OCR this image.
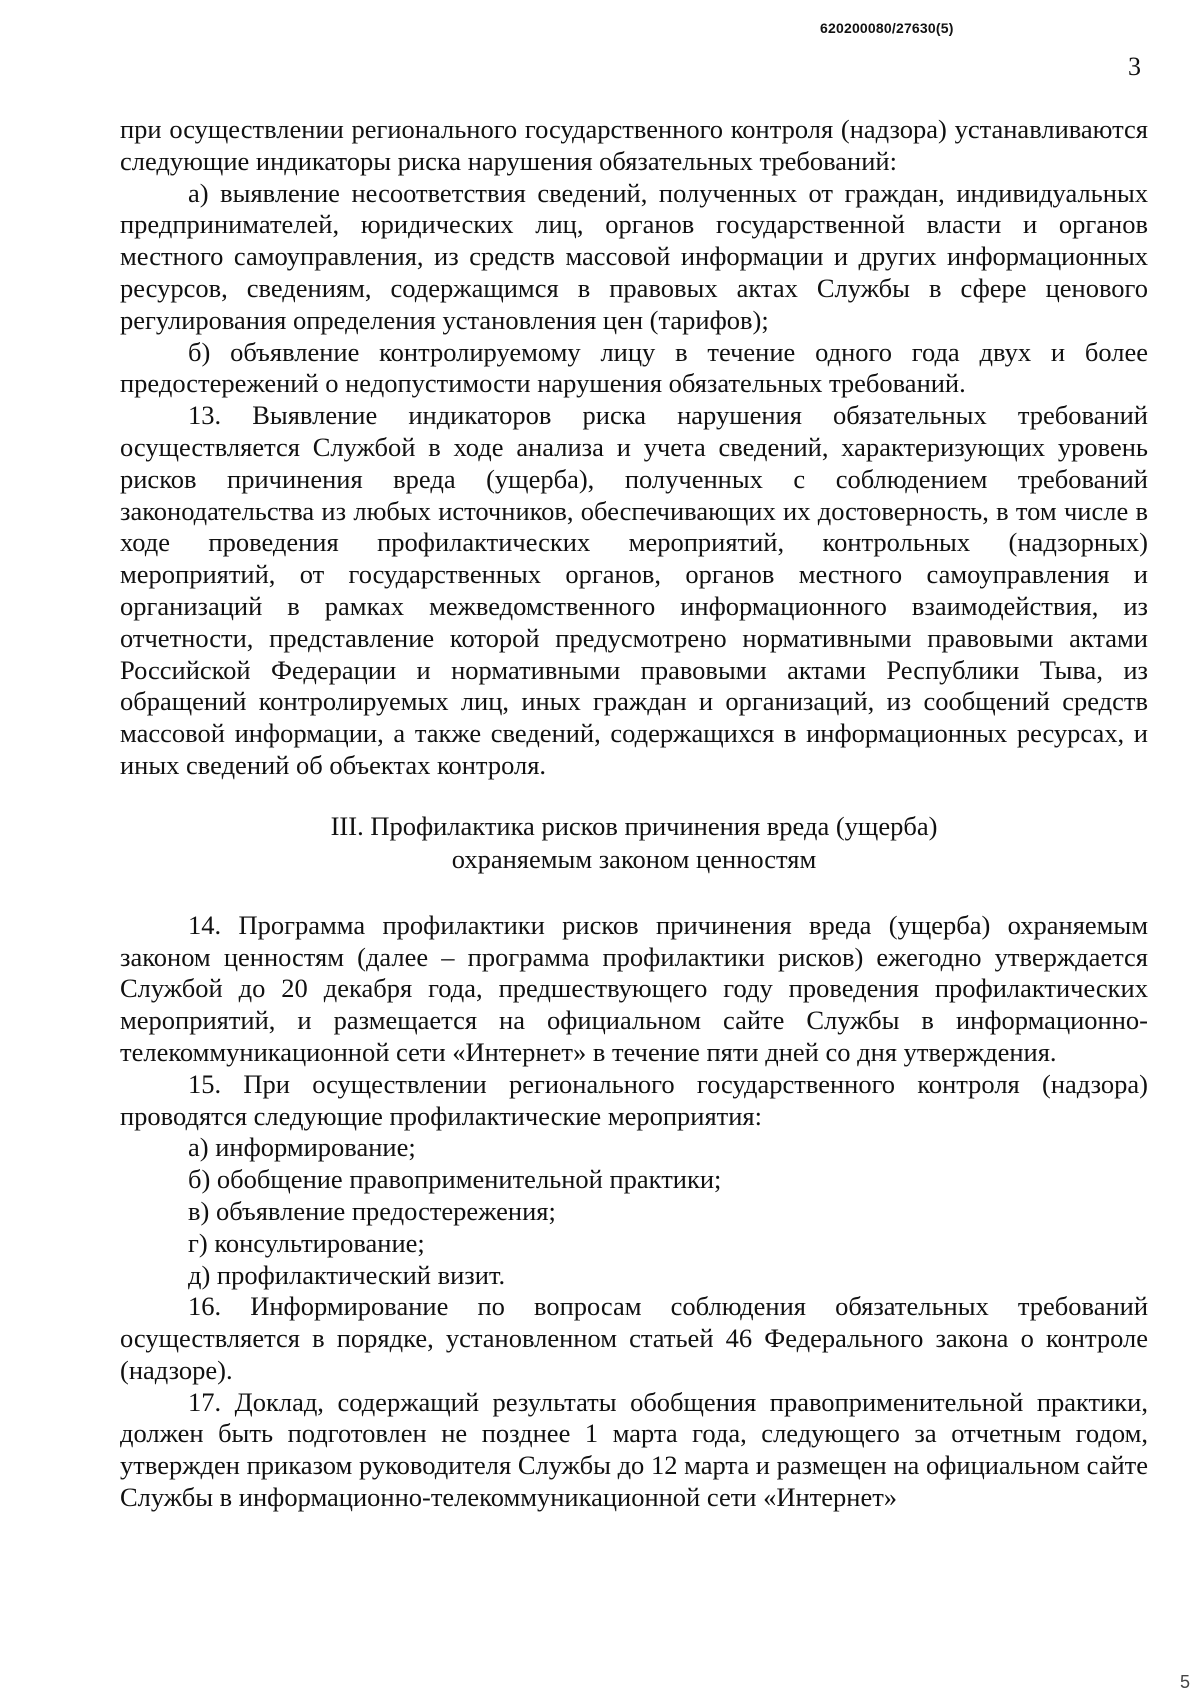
620200080/27630(5)
3

при осуществлении регионального государственного контроля (надзора) устанавливаются следующие индикаторы риска нарушения обязательных требований:

а) выявление несоответствия сведений, полученных от граждан, индивидуальных предпринимателей, юридических лиц, органов государственной власти и органов местного самоуправления, из средств массовой информации и других информационных ресурсов, сведениям, содержащимся в правовых актах Службы в сфере ценового регулирования определения установления цен (тарифов);

б) объявление контролируемому лицу в течение одного года двух и более предостережений о недопустимости нарушения обязательных требований.

13. Выявление индикаторов риска нарушения обязательных требований осуществляется Службой в ходе анализа и учета сведений, характеризующих уровень рисков причинения вреда (ущерба), полученных с соблюдением требований законодательства из любых источников, обеспечивающих их достоверность, в том числе в ходе проведения профилактических мероприятий, контрольных (надзорных) мероприятий, от государственных органов, органов местного самоуправления и организаций в рамках межведомственного информационного взаимодействия, из отчетности, представление которой предусмотрено нормативными правовыми актами Российской Федерации и нормативными правовыми актами Республики Тыва, из обращений контролируемых лиц, иных граждан и организаций, из сообщений средств массовой информации, а также сведений, содержащихся в информационных ресурсах, и иных сведений об объектах контроля.

III. Профилактика рисков причинения вреда (ущерба)
охраняемым законом ценностям

14. Программа профилактики рисков причинения вреда (ущерба) охраняемым законом ценностям (далее – программа профилактики рисков) ежегодно утверждается Службой до 20 декабря года, предшествующего году проведения профилактических мероприятий, и размещается на официальном сайте Службы в информационно-телекоммуникационной сети «Интернет» в течение пяти дней со дня утверждения.

15. При осуществлении регионального государственного контроля (надзора) проводятся следующие профилактические мероприятия:

а) информирование;

б) обобщение правоприменительной практики;

в) объявление предостережения;

г) консультирование;

д) профилактический визит.

16. Информирование по вопросам соблюдения обязательных требований осуществляется в порядке, установленном статьей 46 Федерального закона о контроле (надзоре).

17. Доклад, содержащий результаты обобщения правоприменительной практики, должен быть подготовлен не позднее 1 марта года, следующего за отчетным годом, утвержден приказом руководителя Службы до 12 марта и размещен на официальном сайте Службы в информационно-телекоммуникационной сети «Интернет»

5
